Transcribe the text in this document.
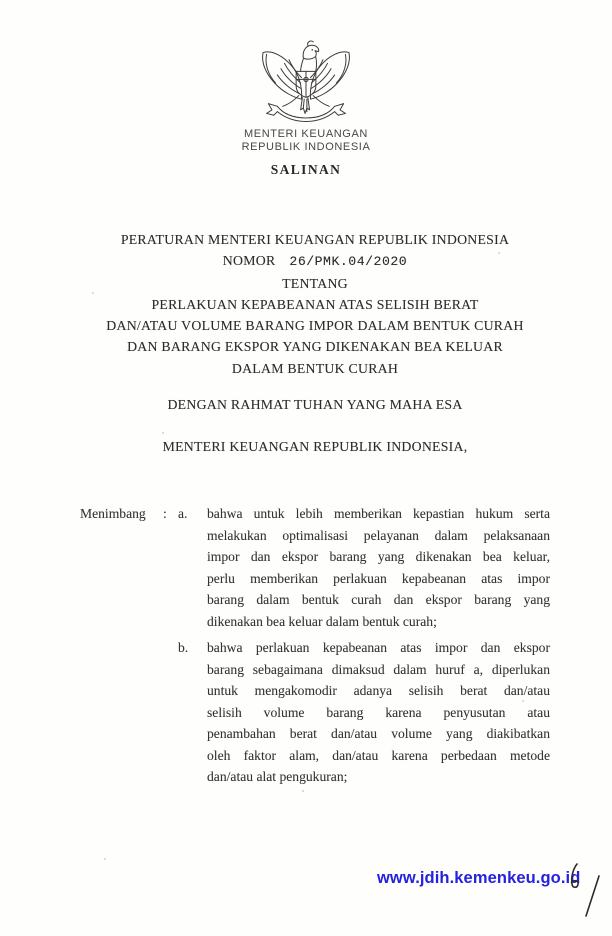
MENTERI KEUANGAN
REPUBLIK INDONESIA
SALINAN
PERATURAN MENTERI KEUANGAN REPUBLIK INDONESIA
NOMOR 26/PMK.04/2020
TENTANG
PERLAKUAN KEPABEANAN ATAS SELISIH BERAT
DAN/ATAU VOLUME BARANG IMPOR DALAM BENTUK CURAH
DAN BARANG EKSPOR YANG DIKENAKAN BEA KELUAR
DALAM BENTUK CURAH
DENGAN RAHMAT TUHAN YANG MAHA ESA
MENTERI KEUANGAN REPUBLIK INDONESIA,
Menimbang	: a.	bahwa untuk lebih memberikan kepastian hukum serta
melakukan optimalisasi pelayanan dalam pelaksanaan
impor dan ekspor barang yang dikenakan bea keluar,
perlu memberikan perlakuan kepabeanan atas impor
barang dalam bentuk curah dan ekspor barang yang
dikenakan bea keluar dalam bentuk curah;
b.	bahwa perlakuan kepabeanan atas impor dan ekspor
barang sebagaimana dimaksud dalam huruf a, diperlukan
untuk mengakomodir adanya selisih berat dan/atau
selisih volume barang karena penyusutan atau
penambahan berat dan/atau volume yang diakibatkan
oleh faktor alam, dan/atau karena perbedaan metode
dan/atau alat pengukuran;
www.jdih.kemenkeu.go.id
